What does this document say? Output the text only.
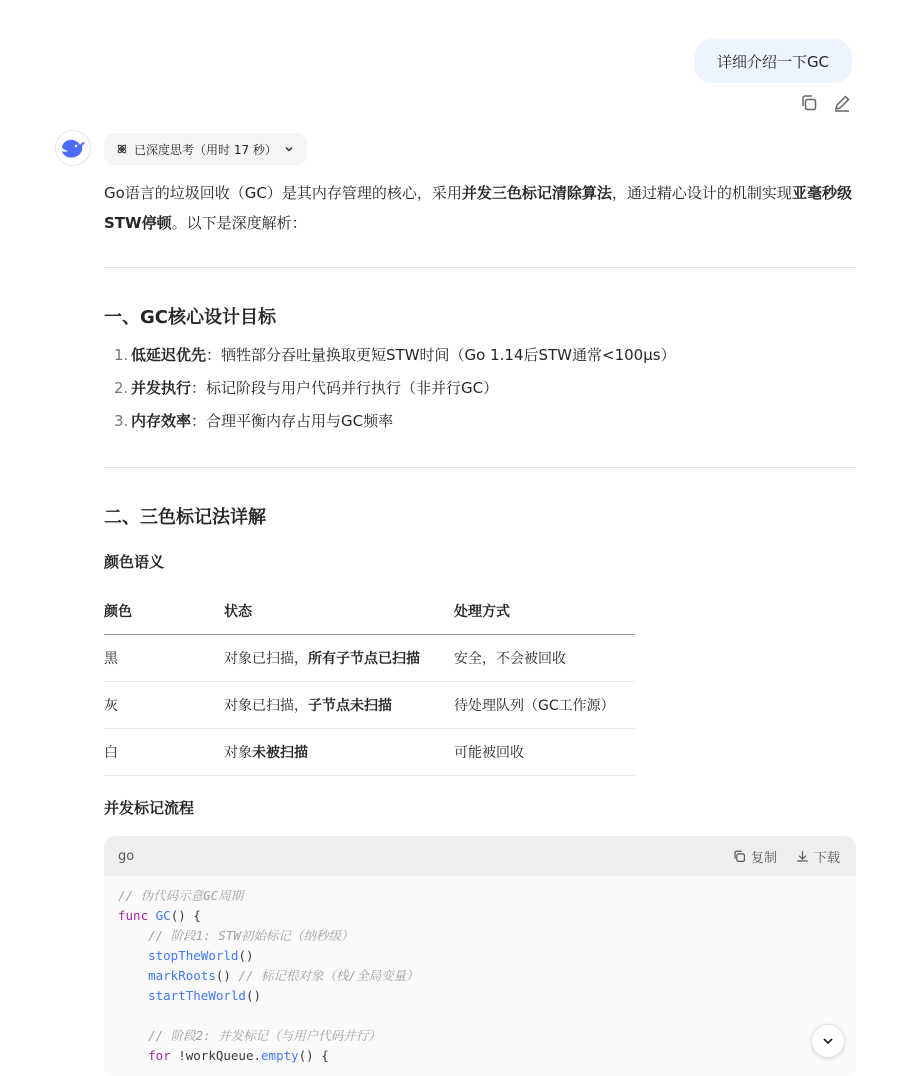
详细介绍一下GC
已深度思考（用时 17 秒）
Go语言的垃圾回收（GC）是其内存管理的核心，采用并发三色标记清除算法，通过精心设计的机制实现亚毫秒级STW停顿。以下是深度解析：
一、GC核心设计目标
1. 低延迟优先：牺牲部分吞吐量换取更短STW时间（Go 1.14后STW通常<100μs）
2. 并发执行：标记阶段与用户代码并行执行（非并行GC）
3. 内存效率：合理平衡内存占用与GC频率
二、三色标记法详解
颜色语义
颜色	状态	处理方式
黑	对象已扫描，所有子节点已扫描	安全，不会被回收
灰	对象已扫描，子节点未扫描	待处理队列（GC工作源）
白	对象未被扫描	可能被回收
并发标记流程
go	复制	下载
// 伪代码示意GC周期
func GC() {
// 阶段1: STW初始标记（纳秒级）
stopTheWorld()
markRoots() // 标记根对象（栈/全局变量）
startTheWorld()

// 阶段2: 并发标记（与用户代码并行）
for !workQueue.empty() {
